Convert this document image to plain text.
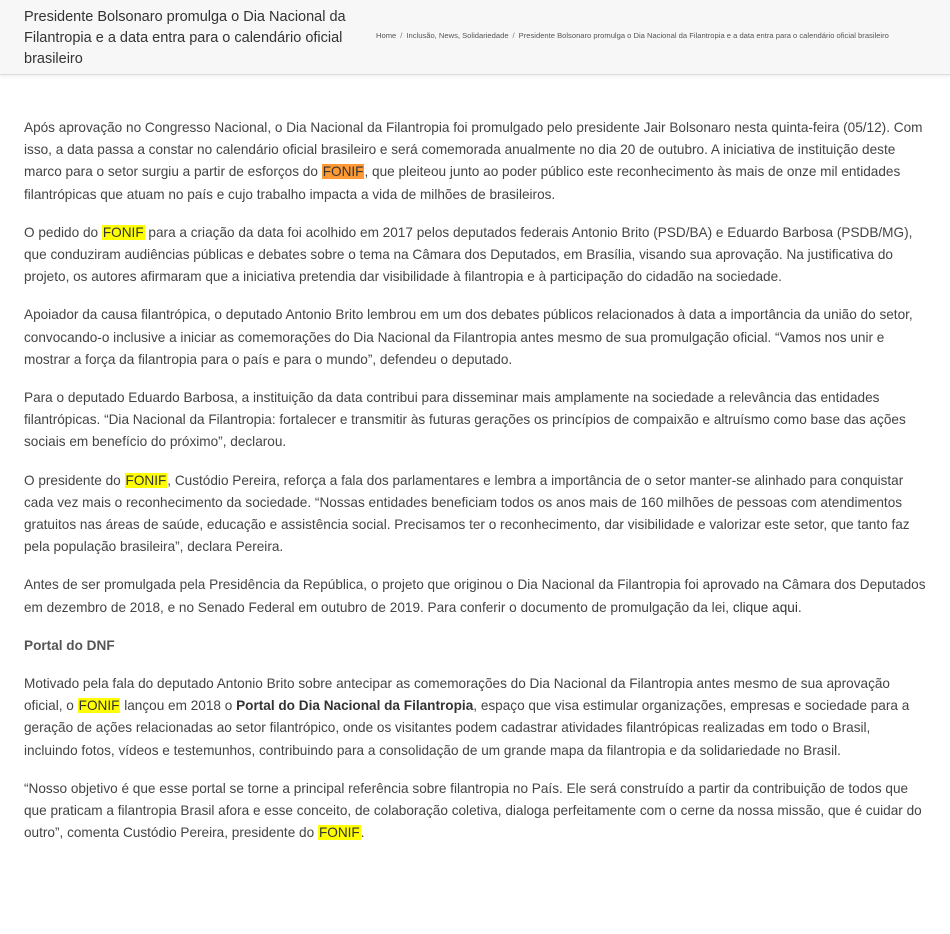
Presidente Bolsonaro promulga o Dia Nacional da Filantropia e a data entra para o calendário oficial brasileiro
Home / Inclusão, News, Solidariedade / Presidente Bolsonaro promulga o Dia Nacional da Filantropia e a data entra para o calendário oficial brasileiro

Após aprovação no Congresso Nacional, o Dia Nacional da Filantropia foi promulgado pelo presidente Jair Bolsonaro nesta quinta-feira (05/12). Com isso, a data passa a constar no calendário oficial brasileiro e será comemorada anualmente no dia 20 de outubro. A iniciativa de instituição deste marco para o setor surgiu a partir de esforços do FONIF, que pleiteou junto ao poder público este reconhecimento às mais de onze mil entidades filantrópicas que atuam no país e cujo trabalho impacta a vida de milhões de brasileiros.

O pedido do FONIF para a criação da data foi acolhido em 2017 pelos deputados federais Antonio Brito (PSD/BA) e Eduardo Barbosa (PSDB/MG), que conduziram audiências públicas e debates sobre o tema na Câmara dos Deputados, em Brasília, visando sua aprovação. Na justificativa do projeto, os autores afirmaram que a iniciativa pretendia dar visibilidade à filantropia e à participação do cidadão na sociedade.

Apoiador da causa filantrópica, o deputado Antonio Brito lembrou em um dos debates públicos relacionados à data a importância da união do setor, convocando-o inclusive a iniciar as comemorações do Dia Nacional da Filantropia antes mesmo de sua promulgação oficial. “Vamos nos unir e mostrar a força da filantropia para o país e para o mundo”, defendeu o deputado.

Para o deputado Eduardo Barbosa, a instituição da data contribui para disseminar mais amplamente na sociedade a relevância das entidades filantrópicas. “Dia Nacional da Filantropia: fortalecer e transmitir às futuras gerações os princípios de compaixão e altruísmo como base das ações sociais em benefício do próximo”, declarou.

O presidente do FONIF, Custódio Pereira, reforça a fala dos parlamentares e lembra a importância de o setor manter-se alinhado para conquistar cada vez mais o reconhecimento da sociedade. “Nossas entidades beneficiam todos os anos mais de 160 milhões de pessoas com atendimentos gratuitos nas áreas de saúde, educação e assistência social. Precisamos ter o reconhecimento, dar visibilidade e valorizar este setor, que tanto faz pela população brasileira”, declara Pereira.

Antes de ser promulgada pela Presidência da República, o projeto que originou o Dia Nacional da Filantropia foi aprovado na Câmara dos Deputados em dezembro de 2018, e no Senado Federal em outubro de 2019. Para conferir o documento de promulgação da lei, clique aqui.

Portal do DNF

Motivado pela fala do deputado Antonio Brito sobre antecipar as comemorações do Dia Nacional da Filantropia antes mesmo de sua aprovação oficial, o FONIF lançou em 2018 o Portal do Dia Nacional da Filantropia, espaço que visa estimular organizações, empresas e sociedade para a geração de ações relacionadas ao setor filantrópico, onde os visitantes podem cadastrar atividades filantrópicas realizadas em todo o Brasil, incluindo fotos, vídeos e testemunhos, contribuindo para a consolidação de um grande mapa da filantropia e da solidariedade no Brasil.

“Nosso objetivo é que esse portal se torne a principal referência sobre filantropia no País. Ele será construído a partir da contribuição de todos que que praticam a filantropia Brasil afora e esse conceito, de colaboração coletiva, dialoga perfeitamente com o cerne da nossa missão, que é cuidar do outro”, comenta Custódio Pereira, presidente do FONIF.
